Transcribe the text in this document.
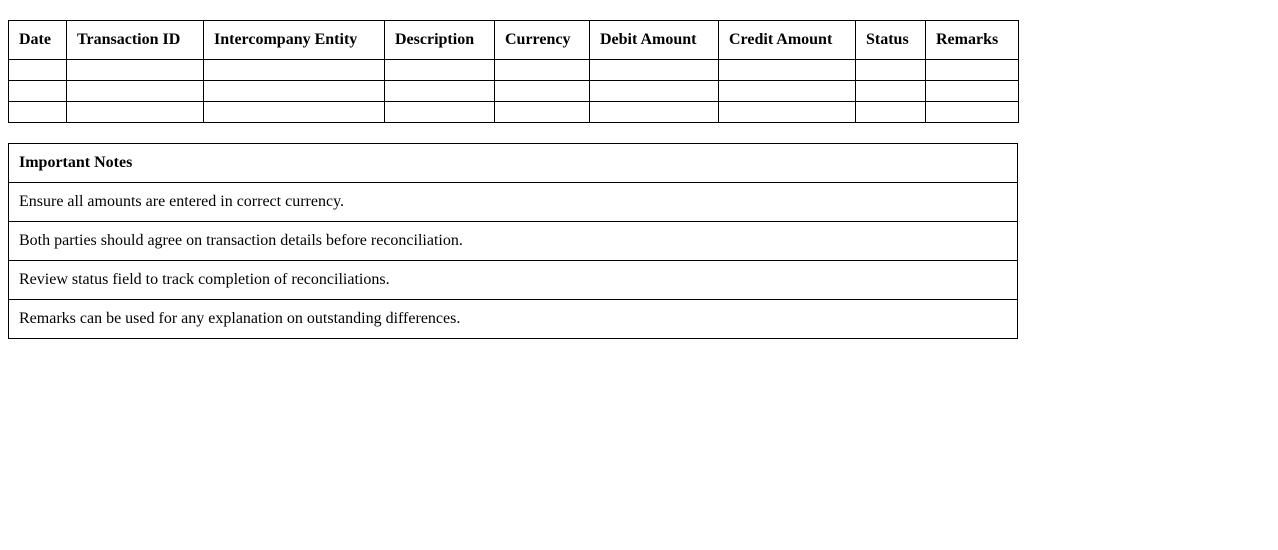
Date	Transaction ID	Intercompany Entity	Description	Currency	Debit Amount	Credit Amount	Status	Remarks

Important Notes
Ensure all amounts are entered in correct currency.
Both parties should agree on transaction details before reconciliation.
Review status field to track completion of reconciliations.
Remarks can be used for any explanation on outstanding differences.
